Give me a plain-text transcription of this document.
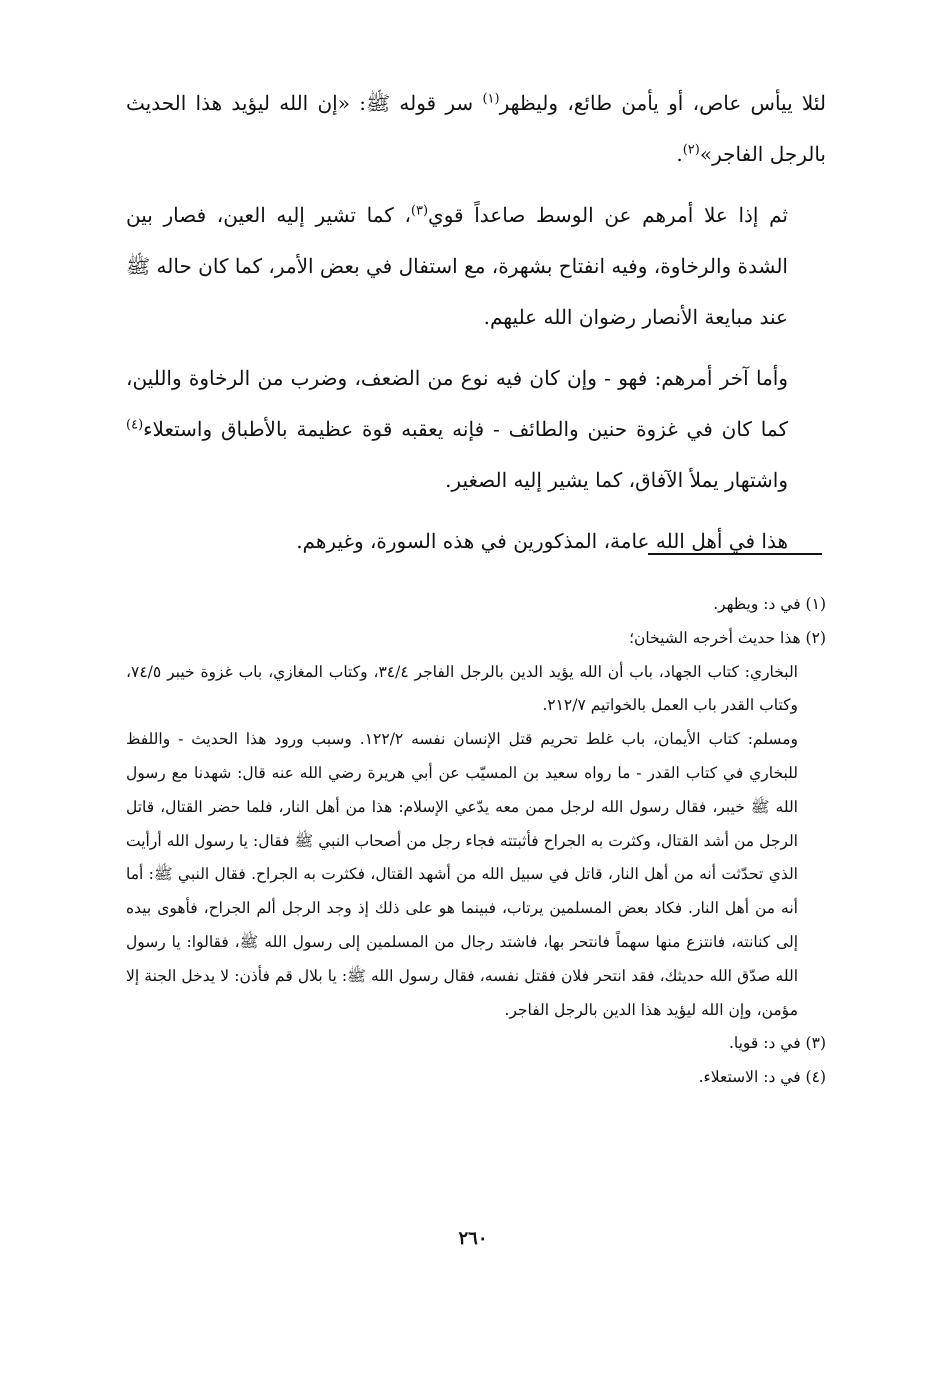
لئلا ييأس عاص، أو يأمن طائع، وليظهر$^{(١)}$ سر قوله ﷺ: «إن الله ليؤيد هذا الحديث بالرجل الفاجر»$^{(٢)}$.

ثم إذا علا أمرهم عن الوسط صاعداً قوي$^{(٣)}$، كما تشير إليه العين، فصار بين الشدة والرخاوة، وفيه انفتاح بشهرة، مع استفال في بعض الأمر، كما كان حاله ﷺ عند مبايعة الأنصار رضوان الله عليهم.

وأما آخر أمرهم: فهو - وإن كان فيه نوع من الضعف، وضرب من الرخاوة واللين، كما كان في غزوة حنين والطائف - فإنه يعقبه قوة عظيمة بالأطباق واستعلاء$^{(٤)}$ واشتهار يملأ الآفاق، كما يشير إليه الصغير.

هذا في أهل الله عامة، المذكورين في هذه السورة، وغيرهم.

(١) في د: ويظهر.

(٢) هذا حديث أخرجه الشيخان؛

البخاري: كتاب الجهاد، باب أن الله يؤيد الدين بالرجل الفاجر ٣٤/٤، وكتاب المغازي، باب غزوة خيبر ٧٤/٥، وكتاب القدر باب العمل بالخواتيم ٢١٢/٧.

ومسلم: كتاب الأيمان، باب غلط تحريم قتل الإنسان نفسه ١٢٢/٢. وسبب ورود هذا الحديث - واللفظ للبخاري في كتاب القدر - ما رواه سعيد بن المسيّب عن أبي هريرة رضي الله عنه قال: شهدنا مع رسول الله ﷺ خيبر، فقال رسول الله لرجل ممن معه يدّعي الإسلام: هذا من أهل النار، فلما حضر القتال، قاتل الرجل من أشد القتال، وكثرت به الجراح فأثبتته فجاء رجل من أصحاب النبي ﷺ فقال: يا رسول الله أرأيت الذي تحدّثت أنه من أهل النار، قاتل في سبيل الله من أشهد القتال، فكثرت به الجراح. فقال النبي ﷺ: أما أنه من أهل النار. فكاد بعض المسلمين يرتاب، فبينما هو على ذلك إذ وجد الرجل ألم الجراح، فأهوى بيده إلى كنانته، فانتزع منها سهماً فانتحر بها، فاشتد رجال من المسلمين إلى رسول الله ﷺ، فقالوا: يا رسول الله صدّق الله حديثك، فقد انتحر فلان فقتل نفسه، فقال رسول الله ﷺ: يا بلال قم فأذن: لا يدخل الجنة إلا مؤمن، وإن الله ليؤيد هذا الدين بالرجل الفاجر.

(٣) في د: قويا.

(٤) في د: الاستعلاء.

٢٦٠
